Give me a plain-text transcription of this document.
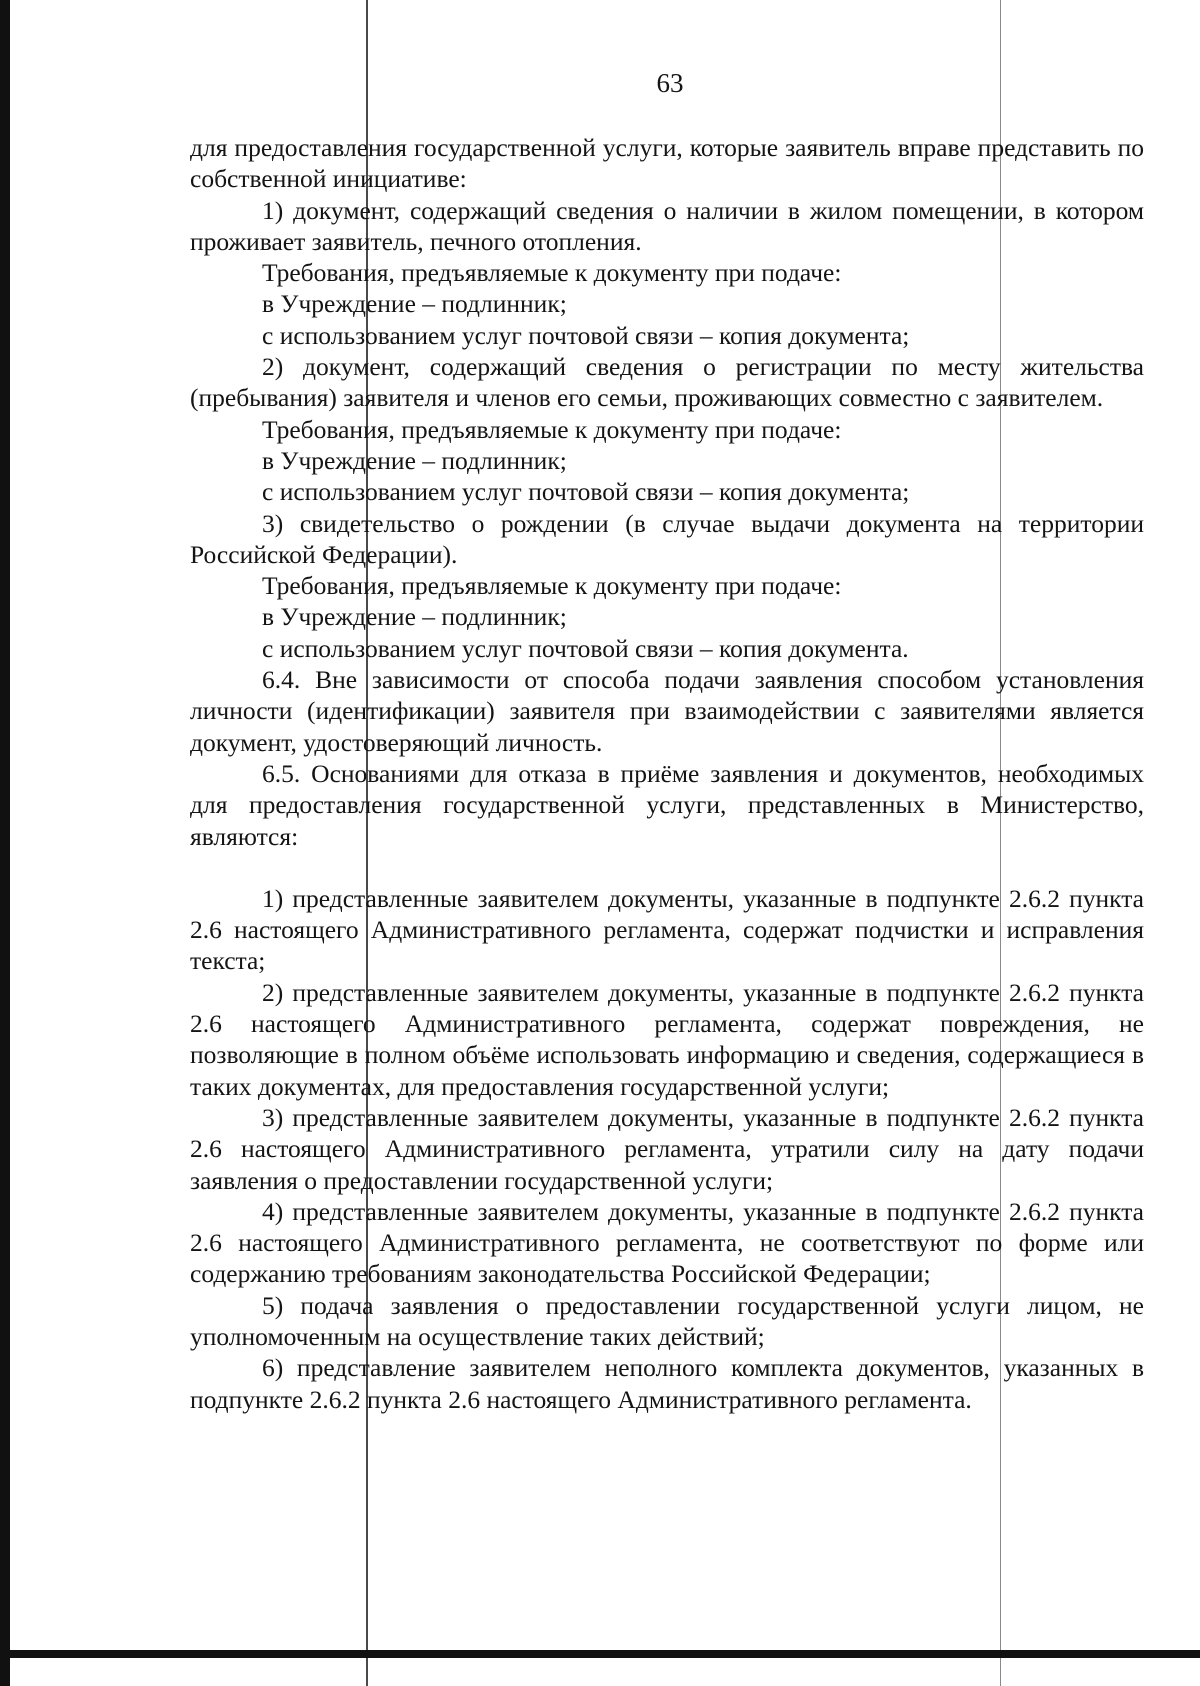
63

для предоставления государственной услуги, которые заявитель вправе представить по собственной инициативе:

1) документ, содержащий сведения о наличии в жилом помещении, в котором проживает заявитель, печного отопления.

Требования, предъявляемые к документу при подаче:

в Учреждение – подлинник;

с использованием услуг почтовой связи – копия документа;

2) документ, содержащий сведения о регистрации по месту жительства (пребывания) заявителя и членов его семьи, проживающих совместно с заявителем.

Требования, предъявляемые к документу при подаче:

в Учреждение – подлинник;

с использованием услуг почтовой связи – копия документа;

3) свидетельство о рождении (в случае выдачи документа на территории Российской Федерации).

Требования, предъявляемые к документу при подаче:

в Учреждение – подлинник;

с использованием услуг почтовой связи – копия документа.

6.4. Вне зависимости от способа подачи заявления способом установления личности (идентификации) заявителя при взаимодействии с заявителями является документ, удостоверяющий личность.

6.5. Основаниями для отказа в приёме заявления и документов, необходимых для предоставления государственной услуги, представленных в Министерство, являются:

1) представленные заявителем документы, указанные в подпункте 2.6.2 пункта 2.6 настоящего Административного регламента, содержат подчистки и исправления текста;

2) представленные заявителем документы, указанные в подпункте 2.6.2 пункта 2.6 настоящего Административного регламента, содержат повреждения, не позволяющие в полном объёме использовать информацию и сведения, содержащиеся в таких документах, для предоставления государственной услуги;

3) представленные заявителем документы, указанные в подпункте 2.6.2 пункта 2.6 настоящего Административного регламента, утратили силу на дату подачи заявления о предоставлении государственной услуги;

4) представленные заявителем документы, указанные в подпункте 2.6.2 пункта 2.6 настоящего Административного регламента, не соответствуют по форме или содержанию требованиям законодательства Российской Федерации;

5) подача заявления о предоставлении государственной услуги лицом, не уполномоченным на осуществление таких действий;

6) представление заявителем неполного комплекта документов, указанных в подпункте 2.6.2 пункта 2.6 настоящего Административного регламента.
